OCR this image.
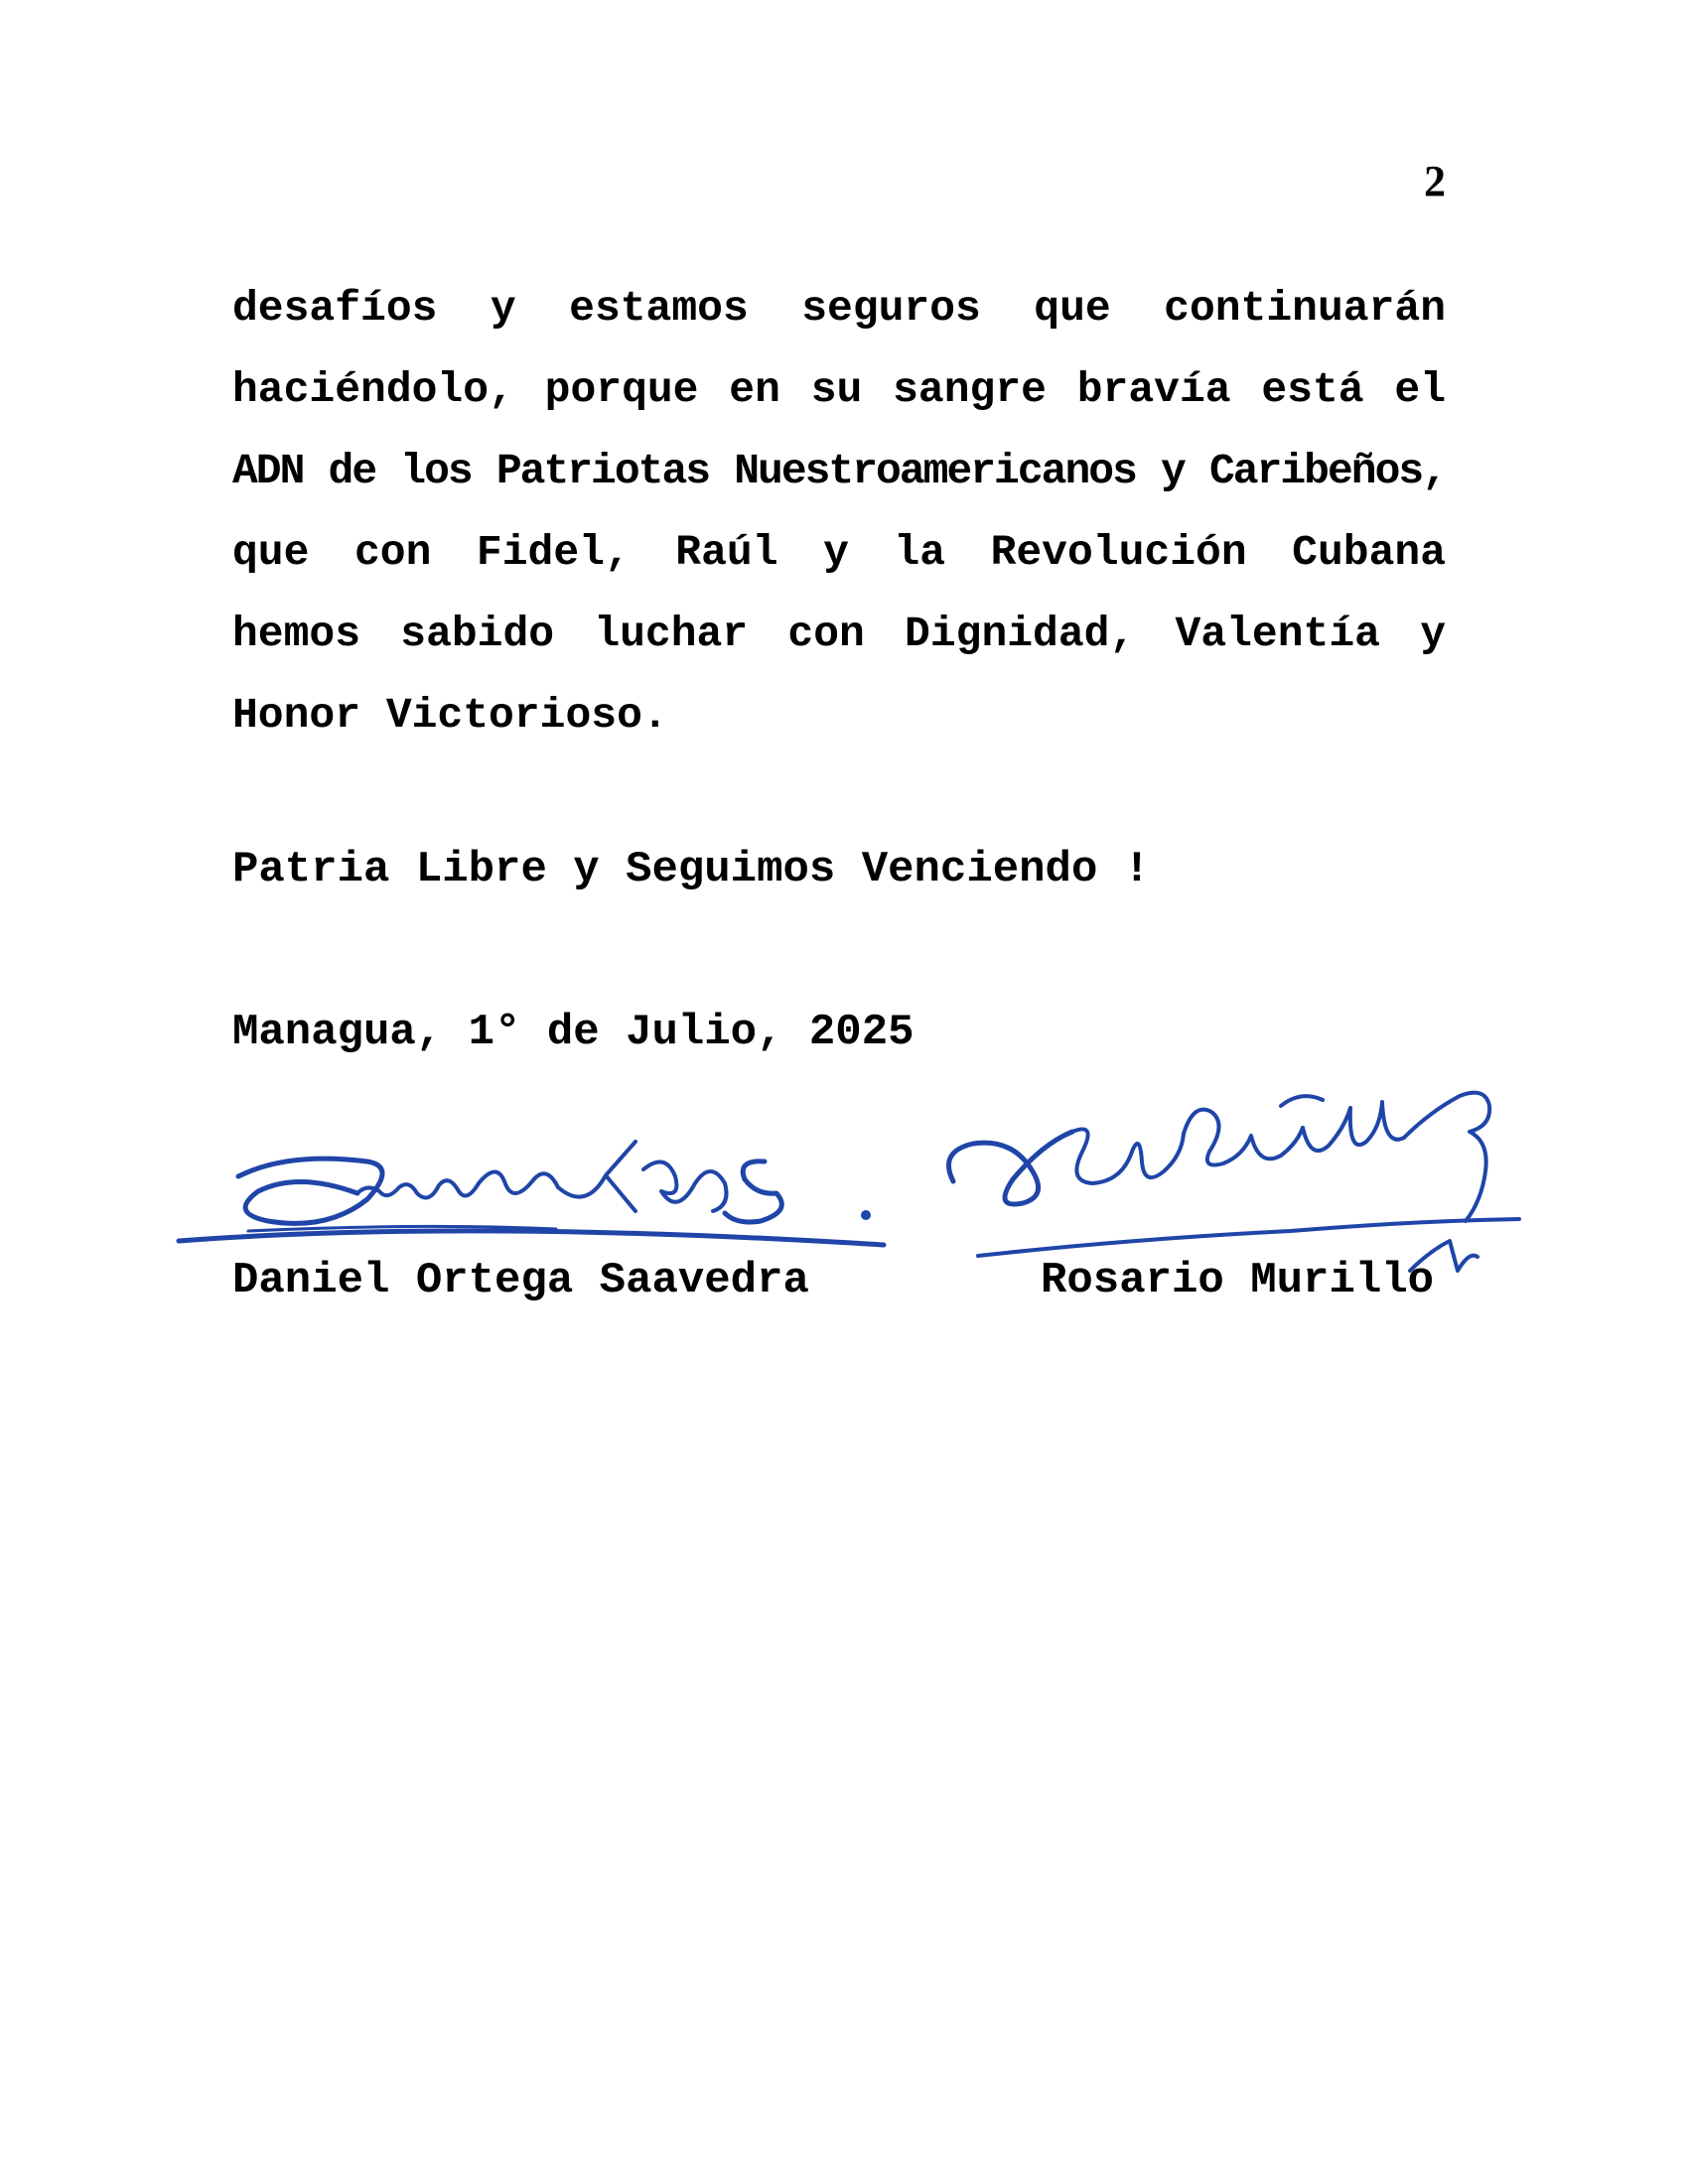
2
desafíos y estamos seguros que continuarán
haciéndolo, porque en su sangre bravía está el
ADN de los Patriotas Nuestroamericanos y Caribeños,
que con Fidel, Raúl y la Revolución Cubana
hemos sabido luchar con Dignidad, Valentía y
Honor Victorioso.
Patria Libre y Seguimos Venciendo !
Managua, 1° de Julio, 2025
Daniel Ortega Saavedra	Rosario Murillo
